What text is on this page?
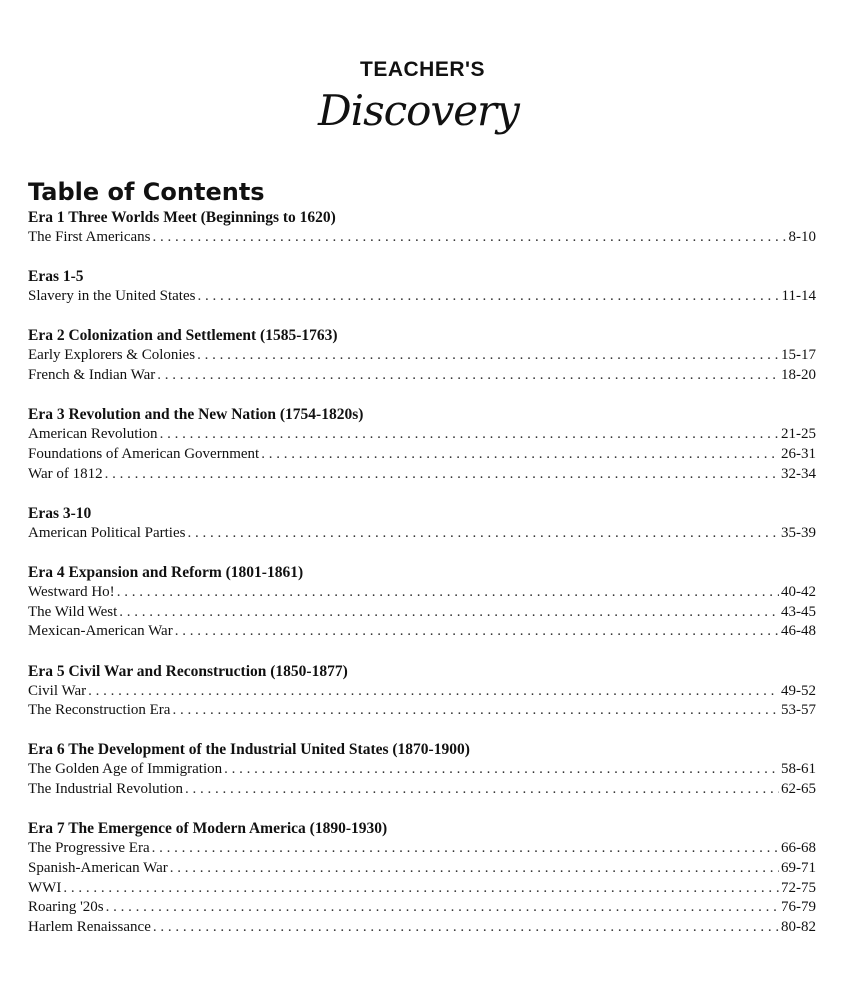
TEACHER'S
Discovery
Table of Contents
Era 1 Three Worlds Meet (Beginnings to 1620)
The First Americans . . .	8-10
Eras 1-5
Slavery in the United States . . .	11-14
Era 2 Colonization and Settlement (1585-1763)
Early Explorers & Colonies . . .	15-17
French & Indian War . . .	18-20
Era 3 Revolution and the New Nation (1754-1820s)
American Revolution . . .	21-25
Foundations of American Government . . .	26-31
War of 1812 . . .	32-34
Eras 3-10
American Political Parties . . .	35-39
Era 4 Expansion and Reform (1801-1861)
Westward Ho! . . .	40-42
The Wild West . . .	43-45
Mexican-American War . . .	46-48
Era 5 Civil War and Reconstruction (1850-1877)
Civil War . . .	49-52
The Reconstruction Era . . .	53-57
Era 6 The Development of the Industrial United States (1870-1900)
The Golden Age of Immigration . . .	58-61
The Industrial Revolution . . .	62-65
Era 7 The Emergence of Modern America (1890-1930)
The Progressive Era . . .	66-68
Spanish-American War . . .	69-71
WWI . . .	72-75
Roaring '20s . . .	76-79
Harlem Renaissance . . .	80-82
